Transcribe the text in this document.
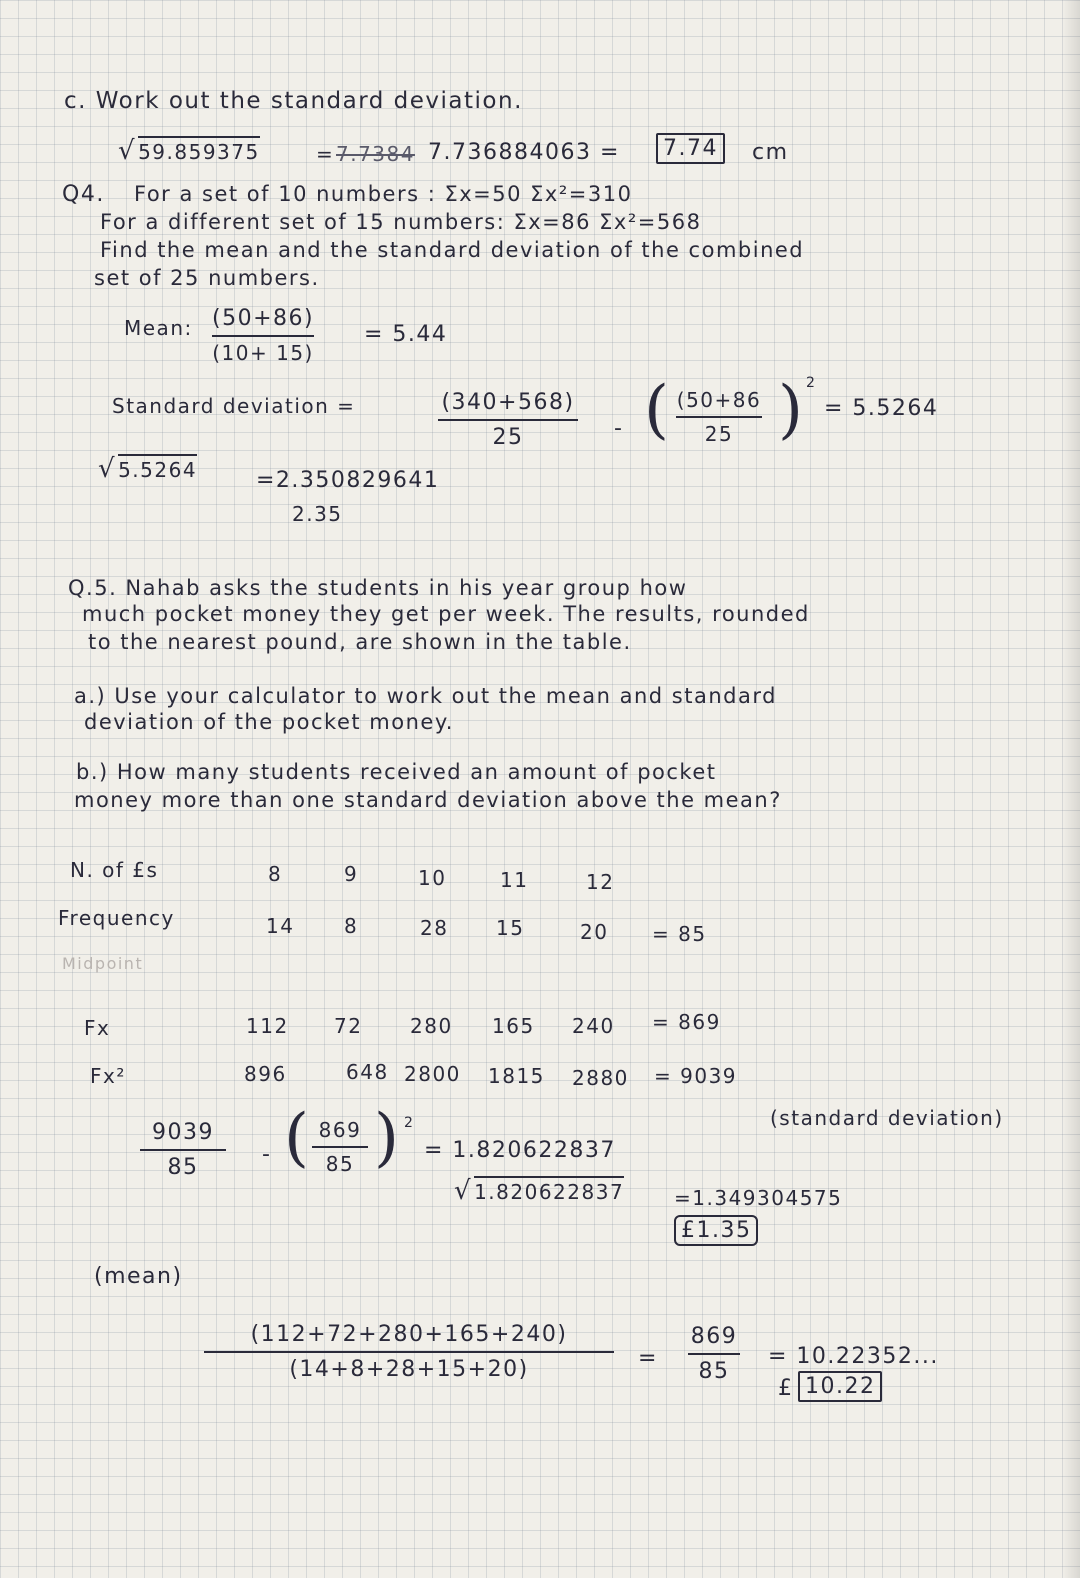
c. Work out the standard deviation.
√ 59.859375	= 7.7384 7.736884063 =	7.74	cm
Q4. For a set of 10 numbers : Σx=50 Σx²=310
For a different set of 15 numbers: Σx=86 Σx²=568
Find the mean and the standard deviation of the combined
set of 25 numbers.
Mean: (50+86)
(10+ 15)
= 5.44
Standard deviation =	(340+568)
25	- ( (50+86
25 ) 2
= 5.5264
√ 5.5264	=2.350829641
2.35
Q.5. Nahab asks the students in his year group how
much pocket money they get per week. The results, rounded
to the nearest pound, are shown in the table.
a.) Use your calculator to work out the mean and standard
deviation of the pocket money.
b.) How many students received an amount of pocket
money more than one standard deviation above the mean?
N. of £s	8	9	10	11	12
Frequency	14 8	28 15	20 = 85
Midpoint
Fx	112 72 280 165 240 = 869
Fx²	896	648 2800 1815 2880 = 9039
(standard deviation)
9039
85
- ( 869
85 ) 2
= 1.820622837
√ 1.820622837 =1.349304575
£1.35
(mean)
(112+72+280+165+240)
(14+8+28+15+20)	=
869
85
= 10.22352...
£ 10.22
